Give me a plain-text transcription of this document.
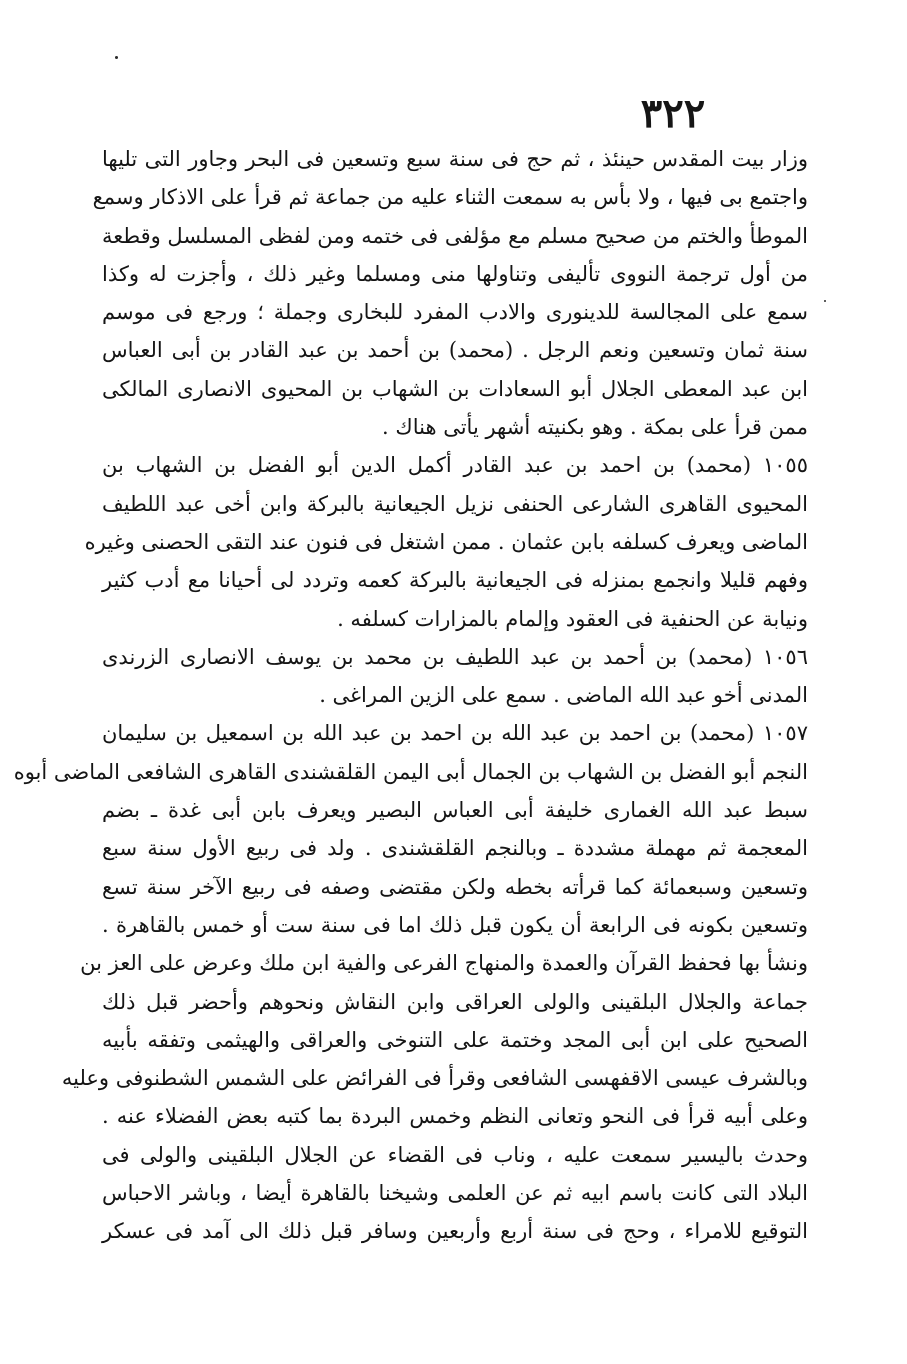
٣٢٢
وزار بيت المقدس حينئذ ، ثم حج فى سنة سبع وتسعين فى البحر وجاور التى تليها
واجتمع بى فيها ، ولا بأس به سمعت الثناء عليه من جماعة ثم قرأ على الاذكار وسمع
الموطأ والختم من صحيح مسلم مع مؤلفى فى ختمه ومن لفظى المسلسل وقطعة
من أول ترجمة النووى تأليفى وتناولها منى ومسلما وغير ذلك ، وأجزت له وكذا
سمع على المجالسة للدينورى والادب المفرد للبخارى وجملة ؛ ورجع فى موسم
سنة ثمان وتسعين ونعم الرجل . (محمد) بن أحمد بن عبد القادر بن أبى العباس
ابن عبد المعطى الجلال أبو السعادات بن الشهاب بن المحيوى الانصارى المالكى
ممن قرأ على بمكة . وهو بكنيته أشهر يأتى هناك .
١٠٥٥ (محمد) بن احمد بن عبد القادر أكمل الدين أبو الفضل بن الشهاب بن
المحيوى القاهرى الشارعى الحنفى نزيل الجيعانية بالبركة وابن أخى عبد اللطيف
الماضى ويعرف كسلفه بابن عثمان . ممن اشتغل فى فنون عند التقى الحصنى وغيره
وفهم قليلا وانجمع بمنزله فى الجيعانية بالبركة كعمه وتردد لى أحيانا مع أدب كثير
ونيابة عن الحنفية فى العقود وإلمام بالمزارات كسلفه .
١٠٥٦ (محمد) بن أحمد بن عبد اللطيف بن محمد بن يوسف الانصارى الزرندى
المدنى أخو عبد الله الماضى . سمع على الزين المراغى .
١٠٥٧ (محمد) بن احمد بن عبد الله بن احمد بن عبد الله بن اسمعيل بن سليمان
النجم أبو الفضل بن الشهاب بن الجمال أبى اليمن القلقشندى القاهرى الشافعى الماضى أبوه
سبط عبد الله الغمارى خليفة أبى العباس البصير ويعرف بابن أبى غدة ـ بضم
المعجمة ثم مهملة مشددة ـ وبالنجم القلقشندى . ولد فى ربيع الأول سنة سبع
وتسعين وسبعمائة كما قرأته بخطه ولكن مقتضى وصفه فى ربيع الآخر سنة تسع
وتسعين بكونه فى الرابعة أن يكون قبل ذلك اما فى سنة ست أو خمس بالقاهرة .
ونشأ بها فحفظ القرآن والعمدة والمنهاج الفرعى والفية ابن ملك وعرض على العز بن
جماعة والجلال البلقينى والولى العراقى وابن النقاش ونحوهم وأحضر قبل ذلك
الصحيح على ابن أبى المجد وختمة على التنوخى والعراقى والهيثمى وتفقه بأبيه
وبالشرف عيسى الاقفهسى الشافعى وقرأ فى الفرائض على الشمس الشطنوفى وعليه
وعلى أبيه قرأ فى النحو وتعانى النظم وخمس البردة بما كتبه بعض الفضلاء عنه .
وحدث باليسير سمعت عليه ، وناب فى القضاء عن الجلال البلقينى والولى فى
البلاد التى كانت باسم ابيه ثم عن العلمى وشيخنا بالقاهرة أيضا ، وباشر الاحباس
التوقيع للامراء ، وحج فى سنة أربع وأربعين وسافر قبل ذلك الى آمد فى عسكر
